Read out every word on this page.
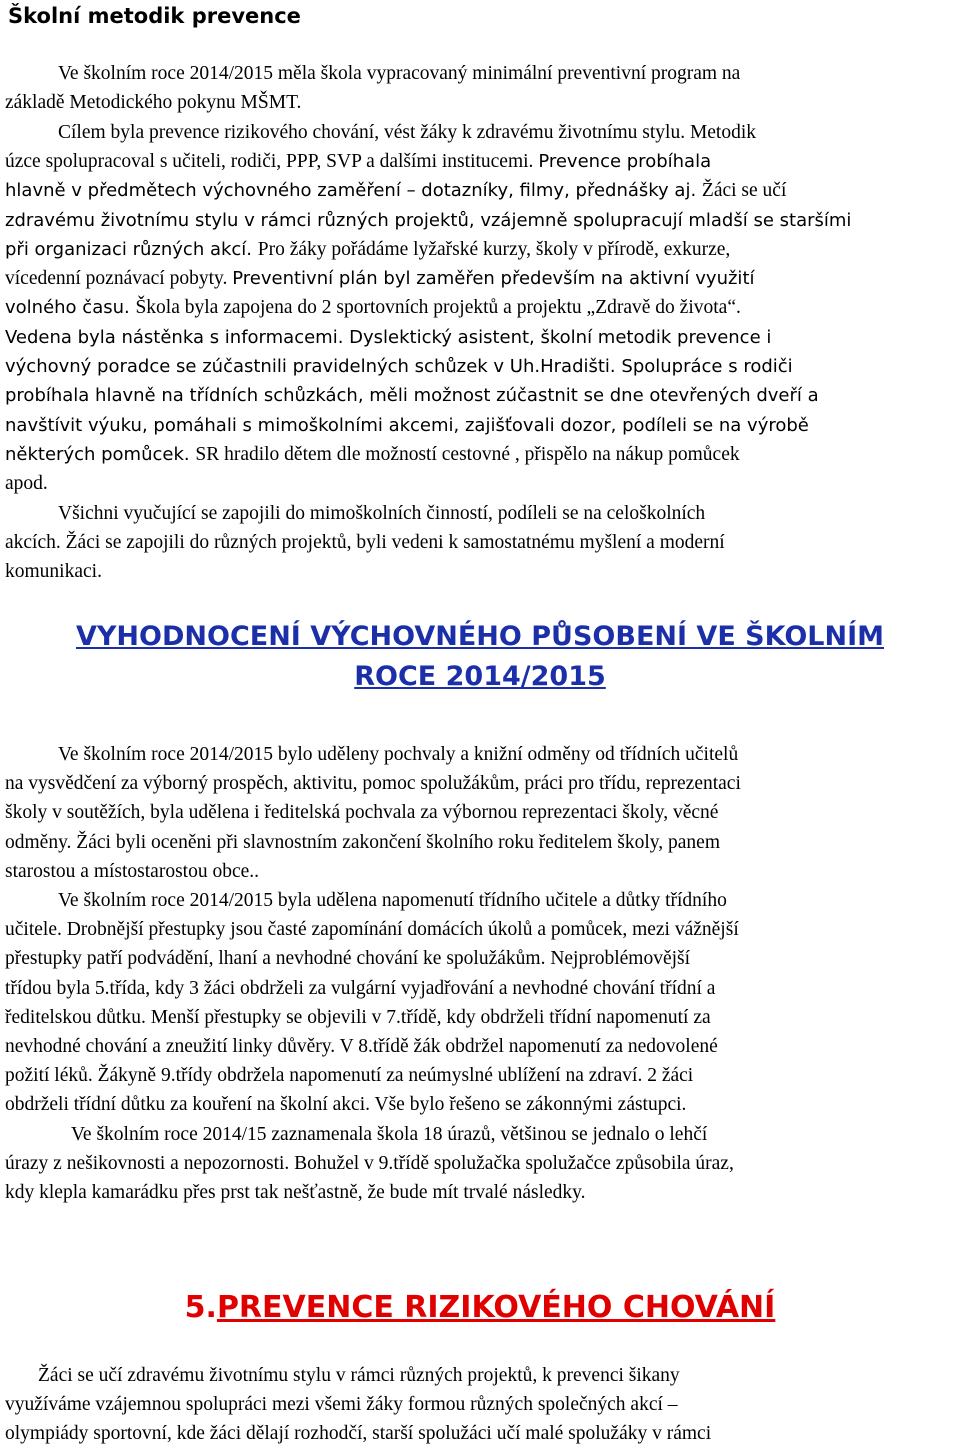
Školní metodik prevence
Ve školním roce 2014/2015 měla škola vypracovaný minimální preventivní program na
základě Metodického pokynu MŠMT.
Cílem byla prevence rizikového chování, vést žáky k zdravému životnímu stylu. Metodik
úzce spolupracoval s učiteli, rodiči, PPP, SVP a dalšími institucemi. Prevence probíhala
hlavně v předmětech výchovného zaměření – dotazníky, filmy, přednášky aj. Žáci se učí
zdravému životnímu stylu v rámci různých projektů, vzájemně spolupracují mladší se staršími
při organizaci různých akcí. Pro žáky pořádáme lyžařské kurzy, školy v přírodě, exkurze,
vícedenní poznávací pobyty. Preventivní plán byl zaměřen především na aktivní využití
volného času. Škola byla zapojena do 2 sportovních projektů a projektu „Zdravě do života“.
Vedena byla nástěnka s informacemi. Dyslektický asistent, školní metodik prevence i
výchovný poradce se zúčastnili pravidelných schůzek v Uh.Hradišti. Spolupráce s rodiči
probíhala hlavně na třídních schůzkách, měli možnost zúčastnit se dne otevřených dveří a
navštívit výuku, pomáhali s mimoškolními akcemi, zajišťovali dozor, podíleli se na výrobě
některých pomůcek. SR hradilo dětem dle možností cestovné , přispělo na nákup pomůcek
apod.
Všichni vyučující se zapojili do mimoškolních činností, podíleli se na celoškolních
akcích. Žáci se zapojili do různých projektů, byli vedeni k samostatnému myšlení a moderní
komunikaci.
VYHODNOCENÍ VÝCHOVNÉHO PŮSOBENÍ VE ŠKOLNÍM
ROCE 2014/2015
Ve školním roce 2014/2015 bylo uděleny pochvaly a knižní odměny od třídních učitelů
na vysvědčení za výborný prospěch, aktivitu, pomoc spolužákům, práci pro třídu, reprezentaci
školy v soutěžích, byla udělena i ředitelská pochvala za výbornou reprezentaci školy, věcné
odměny. Žáci byli oceněni při slavnostním zakončení školního roku ředitelem školy, panem
starostou a místostarostou obce..
Ve školním roce 2014/2015 byla udělena napomenutí třídního učitele a důtky třídního
učitele. Drobnější přestupky jsou časté zapomínání domácích úkolů a pomůcek, mezi vážnější
přestupky patří podvádění, lhaní a nevhodné chování ke spolužákům. Nejproblémovější
třídou byla 5.třída, kdy 3 žáci obdrželi za vulgární vyjadřování a nevhodné chování třídní a
ředitelskou důtku. Menší přestupky se objevili v 7.třídě, kdy obdrželi třídní napomenutí za
nevhodné chování a zneužití linky důvěry. V 8.třídě žák obdržel napomenutí za nedovolené
požití léků. Žákyně 9.třídy obdržela napomenutí za neúmyslné ublížení na zdraví. 2 žáci
obdrželi třídní důtku za kouření na školní akci. Vše bylo řešeno se zákonnými zástupci.
Ve školním roce 2014/15 zaznamenala škola 18 úrazů, většinou se jednalo o lehčí
úrazy z nešikovnosti a nepozornosti. Bohužel v 9.třídě spolužačka spolužačce způsobila úraz,
kdy klepla kamarádku přes prst tak nešťastně, že bude mít trvalé následky.
5.PREVENCE RIZIKOVÉHO CHOVÁNÍ
Žáci se učí zdravému životnímu stylu v rámci různých projektů, k prevenci šikany
využíváme vzájemnou spolupráci mezi všemi žáky formou různých společných akcí –
olympiády sportovní, kde žáci dělají rozhodčí, starší spolužáci učí malé spolužáky v rámci
